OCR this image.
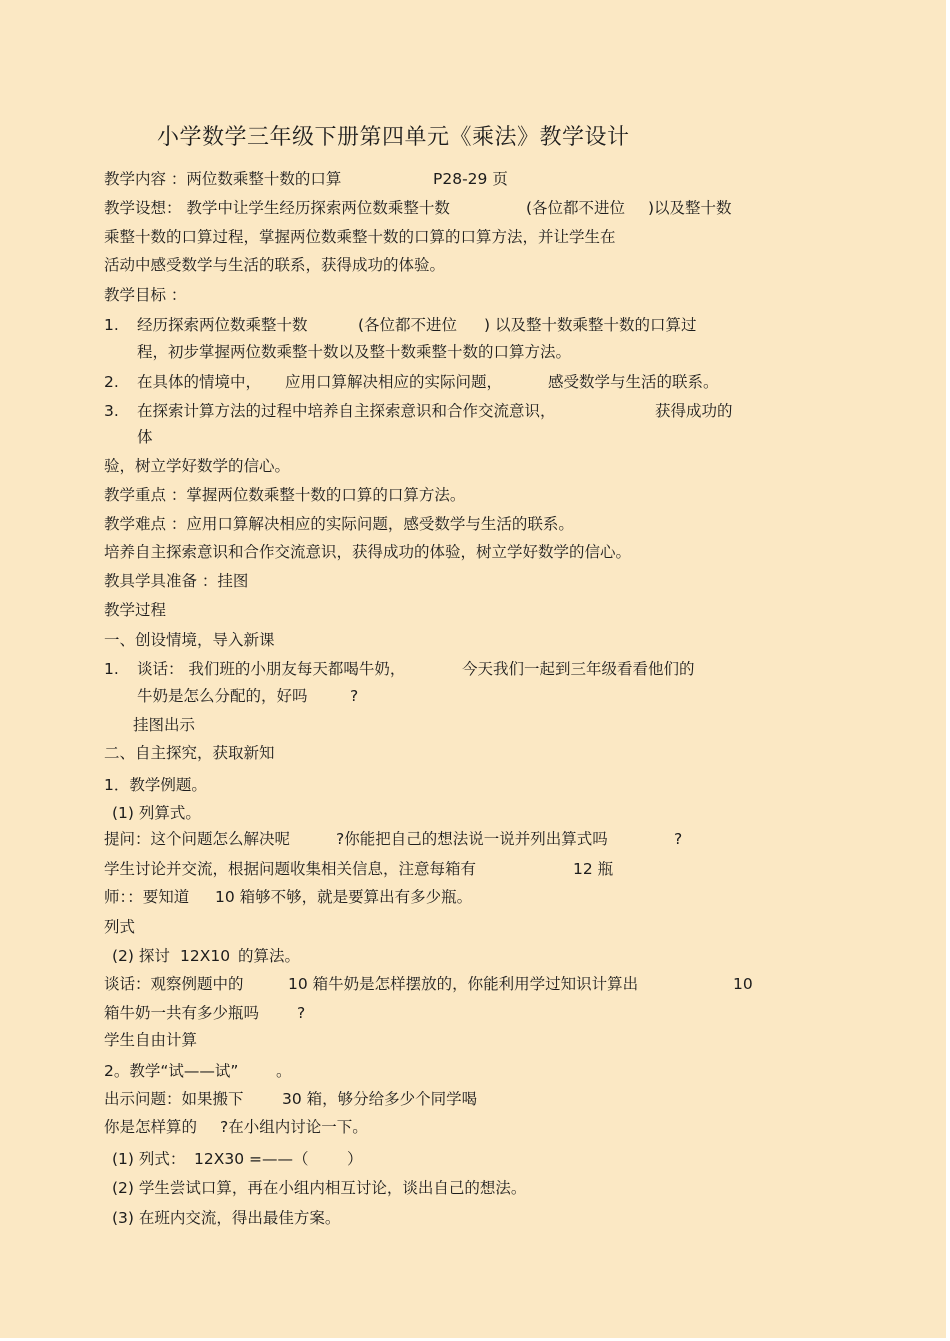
小学数学三年级下册第四单元《乘法》教学设计
教学内容 ：两位数乘整十数的口算	P28-29 页
教学设想： 教学中让学生经历探索两位数乘整十数	(各位都不进位 )以及整十数
乘整十数的口算过程，掌握两位数乘整十数的口算的口算方法，并让学生在
活动中感受数学与生活的联系，获得成功的体验。
教学目标 ：
1. 经历探索两位数乘整十数	(各位都不进位 ) 以及整十数乘整十数的口算过
程，初步掌握两位数乘整十数以及整十数乘整十数的口算方法。
2. 在具体的情境中， 应用口算解决相应的实际问题，	感受数学与生活的联系。
3. 在探索计算方法的过程中培养自主探索意识和合作交流意识，	获得成功的
体
验，树立学好数学的信心。
教学重点 ：掌握两位数乘整十数的口算的口算方法。
教学难点 ：应用口算解决相应的实际问题，感受数学与生活的联系。
培养自主探索意识和合作交流意识，获得成功的体验，树立学好数学的信心。
教具学具准备 ：挂图
教学过程
一、创设情境，导入新课
1. 谈话： 我们班的小朋友每天都喝牛奶，	今天我们一起到三年级看看他们的
牛奶是怎么分配的，好吗	?
挂图出示
二、自主探究，获取新知
1．教学例题。
(1) 列算式。
提问：这个问题怎么解决呢	?你能把自己的想法说一说并列出算式吗	?
学生讨论并交流，根据问题收集相关信息，注意每箱有	12 瓶
师：：要知道 10 箱够不够，就是要算出有多少瓶。
列式
(2) 探讨 12X10 的算法。
谈话：观察例题中的	10 箱牛奶是怎样摆放的，你能利用学过知识计算出	10
箱牛奶一共有多少瓶吗 ?
学生自由计算
2。教学“试——试” 。
出示问题：如果搬下 30 箱，够分给多少个同学喝
你是怎样算的 ?在小组内讨论一下。
(1) 列式： 12X30 =——（ ）
(2) 学生尝试口算，再在小组内相互讨论，谈出自己的想法。
(3) 在班内交流，得出最佳方案。
